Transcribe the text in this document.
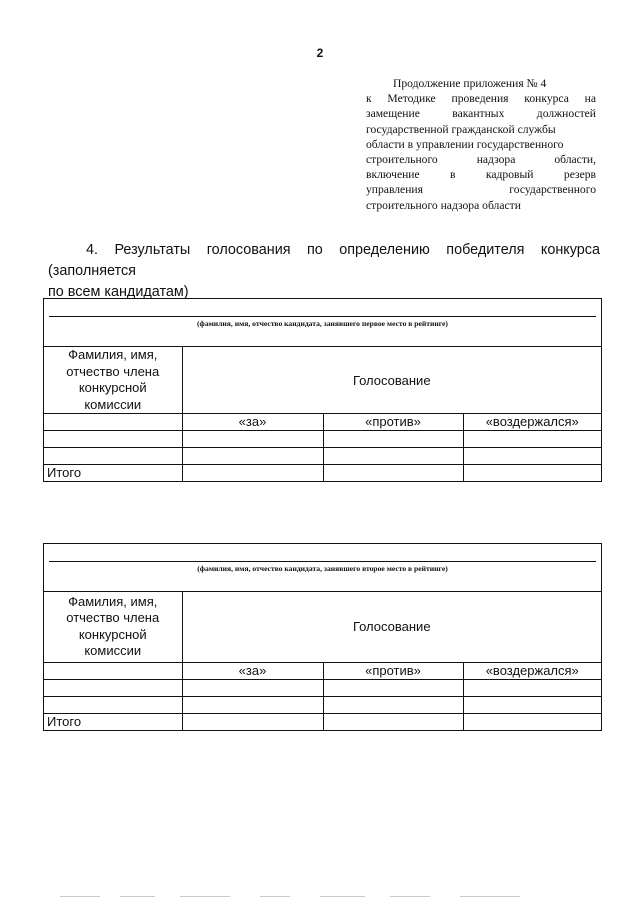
2
Продолжение приложения № 4
к Методике проведения конкурса на
замещение вакантных должностей
государственной гражданской службы
области в управлении государственного
строительного надзора области,
включение в кадровый резерв
управления государственного
строительного надзора области
4. Результаты голосования по определению победителя конкурса (заполняется
по всем кандидатам)
(фамилия, имя, отчество кандидата, занявшего первое место в рейтинге)
Фамилия, имя,
отчество члена
конкурсной
комиссии	Голосование		
	«за»	«против»	«воздержался»

Итого			
(фамилия, имя, отчество кандидата, занявшего второе место в рейтинге)
Фамилия, имя,
отчество члена
конкурсной
комиссии	Голосование		
	«за»	«против»	«воздержался»

Итого			
